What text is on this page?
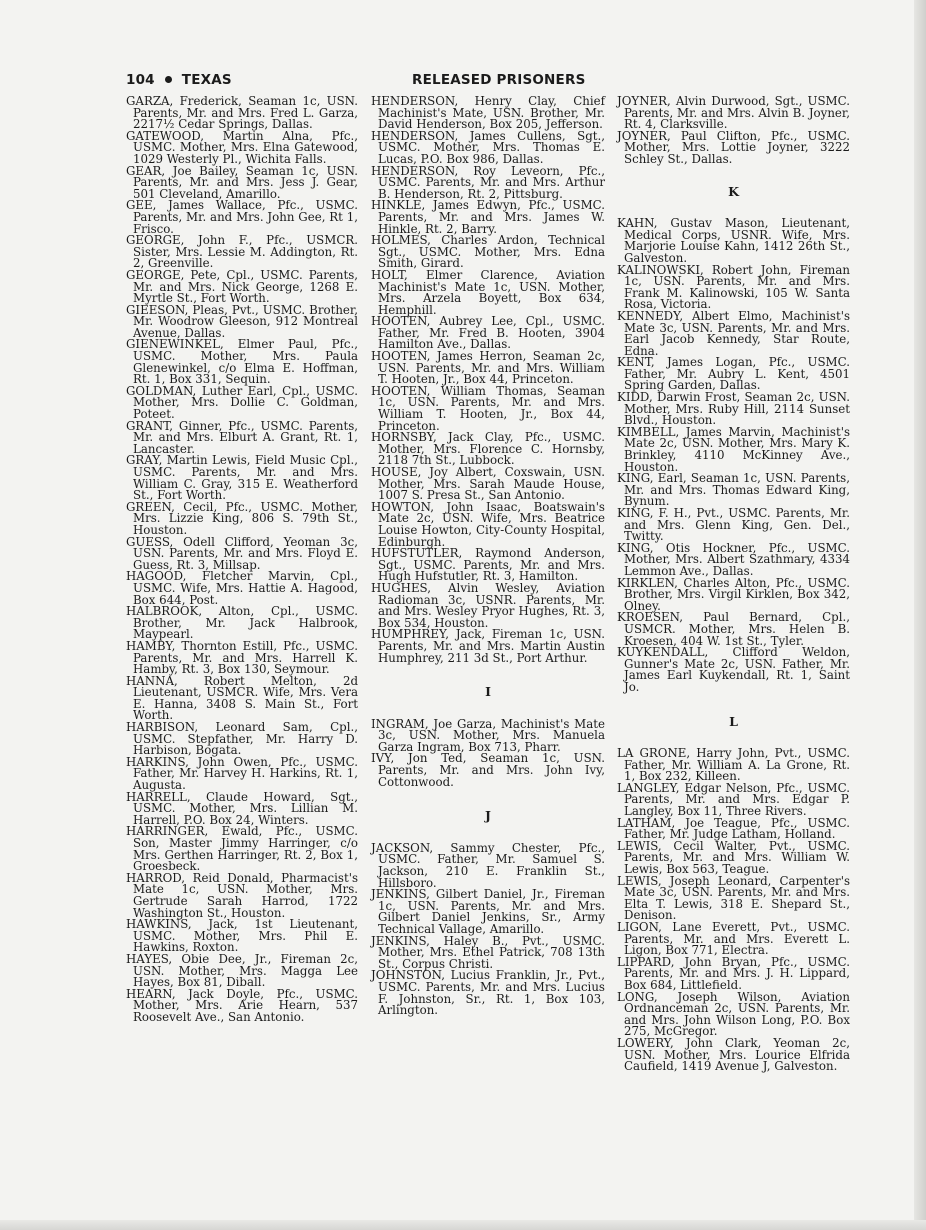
104 TEXAS	RELEASED PRISONERS

GARZA, Frederick, Seaman 1c, USN. Parents, Mr. and Mrs. Fred L. Garza, 2217½ Cedar Springs, Dallas.

GATEWOOD, Martin Alna, Pfc., USMC. Mother, Mrs. Elna Gatewood, 1029 Westerly Pl., Wichita Falls.

GEAR, Joe Bailey, Seaman 1c, USN. Parents, Mr. and Mrs. Jess J. Gear, 501 Cleveland, Amarillo.

GEE, James Wallace, Pfc., USMC. Parents, Mr. and Mrs. John Gee, Rt 1, Frisco.

GEORGE, John F., Pfc., USMCR. Sister, Mrs. Lessie M. Addington, Rt. 2, Greenville.

GEORGE, Pete, Cpl., USMC. Parents, Mr. and Mrs. Nick George, 1268 E. Myrtle St., Fort Worth.

GIEESON, Pleas, Pvt., USMC. Brother, Mr. Woodrow Gleeson, 912 Montreal Avenue, Dallas.

GIENEWINKEL, Elmer Paul, Pfc., USMC. Mother, Mrs. Paula Glenewinkel, c/o Elma E. Hoffman, Rt. 1, Box 331, Sequin.

GOLDMAN, Luther Earl, Cpl., USMC. Mother, Mrs. Dollie C. Goldman, Poteet.

GRANT, Ginner, Pfc., USMC. Parents, Mr. and Mrs. Elburt A. Grant, Rt. 1, Lancaster.

GRAY, Martin Lewis, Field Music Cpl., USMC. Parents, Mr. and Mrs. William C. Gray, 315 E. Weatherford St., Fort Worth.

GREEN, Cecil, Pfc., USMC. Mother, Mrs. Lizzie King, 806 S. 79th St., Houston.

GUESS, Odell Clifford, Yeoman 3c, USN. Parents, Mr. and Mrs. Floyd E. Guess, Rt. 3, Millsap.

HAGOOD, Fletcher Marvin, Cpl., USMC. Wife, Mrs. Hattie A. Hagood, Box 644, Post.

HALBROOK, Alton, Cpl., USMC. Brother, Mr. Jack Halbrook, Maypearl.

HAMBY, Thornton Estill, Pfc., USMC. Parents, Mr. and Mrs. Harrell K. Hamby, Rt. 3, Box 130, Seymour.

HANNA, Robert Melton, 2d Lieutenant, USMCR. Wife, Mrs. Vera E. Hanna, 3408 S. Main St., Fort Worth.

HARBISON, Leonard Sam, Cpl., USMC. Stepfather, Mr. Harry D. Harbison, Bogata.

HARKINS, John Owen, Pfc., USMC. Father, Mr. Harvey H. Harkins, Rt. 1, Augusta.

HARRELL, Claude Howard, Sgt., USMC. Mother, Mrs. Lillian M. Harrell, P.O. Box 24, Winters.

HARRINGER, Ewald, Pfc., USMC. Son, Master Jimmy Harringer, c/o Mrs. Gerthen Harringer, Rt. 2, Box 1, Groesbeck.

HARROD, Reid Donald, Pharmacist's Mate 1c, USN. Mother, Mrs. Gertrude Sarah Harrod, 1722 Washington St., Houston.

HAWKINS, Jack, 1st Lieutenant, USMC. Mother, Mrs. Phil E. Hawkins, Roxton.

HAYES, Obie Dee, Jr., Fireman 2c, USN. Mother, Mrs. Magga Lee Hayes, Box 81, Diball.

HEARN, Jack Doyle, Pfc., USMC. Mother, Mrs. Arie Hearn, 537 Roosevelt Ave., San Antonio.

HENDERSON, Henry Clay, Chief Machinist's Mate, USN. Brother, Mr. David Henderson, Box 205, Jefferson.

HENDERSON, James Cullens, Sgt., USMC. Mother, Mrs. Thomas E. Lucas, P.O. Box 986, Dallas.

HENDERSON, Roy Leveorn, Pfc., USMC. Parents, Mr. and Mrs. Arthur B. Henderson, Rt. 2, Pittsburg.

HINKLE, James Edwyn, Pfc., USMC. Parents, Mr. and Mrs. James W. Hinkle, Rt. 2, Barry.

HOLMES, Charles Ardon, Technical Sgt., USMC. Mother, Mrs. Edna Smith, Girard.

HOLT, Elmer Clarence, Aviation Machinist's Mate 1c, USN. Mother, Mrs. Arzela Boyett, Box 634, Hemphill.

HOOTEN, Aubrey Lee, Cpl., USMC. Father, Mr. Fred B. Hooten, 3904 Hamilton Ave., Dallas.

HOOTEN, James Herron, Seaman 2c, USN. Parents, Mr. and Mrs. William T. Hooten, Jr., Box 44, Princeton.

HOOTEN, William Thomas, Seaman 1c, USN. Parents, Mr. and Mrs. William T. Hooten, Jr., Box 44, Princeton.

HORNSBY, Jack Clay, Pfc., USMC. Mother, Mrs. Florence C. Hornsby, 2118 7th St., Lubbock.

HOUSE, Joy Albert, Coxswain, USN. Mother, Mrs. Sarah Maude House, 1007 S. Presa St., San Antonio.

HOWTON, John Isaac, Boatswain's Mate 2c, USN. Wife, Mrs. Beatrice Louise Howton, City-County Hospital, Edinburgh.

HUFSTUTLER, Raymond Anderson, Sgt., USMC. Parents, Mr. and Mrs. Hugh Hufstutler, Rt. 3, Hamilton.

HUGHES, Alvin Wesley, Aviation Radioman 3c, USNR. Parents, Mr. and Mrs. Wesley Pryor Hughes, Rt. 3, Box 534, Houston.

HUMPHREY, Jack, Fireman 1c, USN. Parents, Mr. and Mrs. Martin Austin Humphrey, 211 3d St., Port Arthur.

I

INGRAM, Joe Garza, Machinist's Mate 3c, USN. Mother, Mrs. Manuela Garza Ingram, Box 713, Pharr.

IVY, Jon Ted, Seaman 1c, USN. Parents, Mr. and Mrs. John Ivy, Cottonwood.

J

JACKSON, Sammy Chester, Pfc., USMC. Father, Mr. Samuel S. Jackson, 210 E. Franklin St., Hillsboro.

JENKINS, Gilbert Daniel, Jr., Fireman 1c, USN. Parents, Mr. and Mrs. Gilbert Daniel Jenkins, Sr., Army Technical Vallage, Amarillo.

JENKINS, Haley B., Pvt., USMC. Mother, Mrs. Ethel Patrick, 708 13th St., Corpus Christi.

JOHNSTON, Lucius Franklin, Jr., Pvt., USMC. Parents, Mr. and Mrs. Lucius F. Johnston, Sr., Rt. 1, Box 103, Arlington.

JOYNER, Alvin Durwood, Sgt., USMC. Parents, Mr. and Mrs. Alvin B. Joyner, Rt. 4, Clarksville.

JOYNER, Paul Clifton, Pfc., USMC. Mother, Mrs. Lottie Joyner, 3222 Schley St., Dallas.

K

KAHN, Gustav Mason, Lieutenant, Medical Corps, USNR. Wife, Mrs. Marjorie Louise Kahn, 1412 26th St., Galveston.

KALINOWSKI, Robert John, Fireman 1c, USN. Parents, Mr. and Mrs. Frank M. Kalinowski, 105 W. Santa Rosa, Victoria.

KENNEDY, Albert Elmo, Machinist's Mate 3c, USN. Parents, Mr. and Mrs. Earl Jacob Kennedy, Star Route, Edna.

KENT, James Logan, Pfc., USMC. Father, Mr. Aubry L. Kent, 4501 Spring Garden, Dallas.

KIDD, Darwin Frost, Seaman 2c, USN. Mother, Mrs. Ruby Hill, 2114 Sunset Blvd., Houston.

KIMBELL, James Marvin, Machinist's Mate 2c, USN. Mother, Mrs. Mary K. Brinkley, 4110 McKinney Ave., Houston.

KING, Earl, Seaman 1c, USN. Parents, Mr. and Mrs. Thomas Edward King, Bynum.

KING, F. H., Pvt., USMC. Parents, Mr. and Mrs. Glenn King, Gen. Del., Twitty.

KING, Otis Hockner, Pfc., USMC. Mother, Mrs. Albert Szathmary, 4334 Lemmon Ave., Dallas.

KIRKLEN, Charles Alton, Pfc., USMC. Brother, Mrs. Virgil Kirklen, Box 342, Olney.

KROESEN, Paul Bernard, Cpl., USMCR. Mother, Mrs. Helen B. Kroesen, 404 W. 1st St., Tyler.

KUYKENDALL, Clifford Weldon, Gunner's Mate 2c, USN. Father, Mr. James Earl Kuykendall, Rt. 1, Saint Jo.

L

LA GRONE, Harry John, Pvt., USMC. Father, Mr. William A. La Grone, Rt. 1, Box 232, Killeen.

LANGLEY, Edgar Nelson, Pfc., USMC. Parents, Mr. and Mrs. Edgar P. Langley, Box 11, Three Rivers.

LATHAM, Joe Teague, Pfc., USMC. Father, Mr. Judge Latham, Holland.

LEWIS, Cecil Walter, Pvt., USMC. Parents, Mr. and Mrs. William W. Lewis, Box 563, Teague.

LEWIS, Joseph Leonard, Carpenter's Mate 3c, USN. Parents, Mr. and Mrs. Elta T. Lewis, 318 E. Shepard St., Denison.

LIGON, Lane Everett, Pvt., USMC. Parents, Mr. and Mrs. Everett L. Ligon, Box 771, Electra.

LIPPARD, John Bryan, Pfc., USMC. Parents, Mr. and Mrs. J. H. Lippard, Box 684, Littlefield.

LONG, Joseph Wilson, Aviation Ordnanceman 2c, USN. Parents, Mr. and Mrs. John Wilson Long, P.O. Box 275, McGregor.

LOWERY, John Clark, Yeoman 2c, USN. Mother, Mrs. Lourice Elfrida Caufield, 1419 Avenue J, Galveston.
